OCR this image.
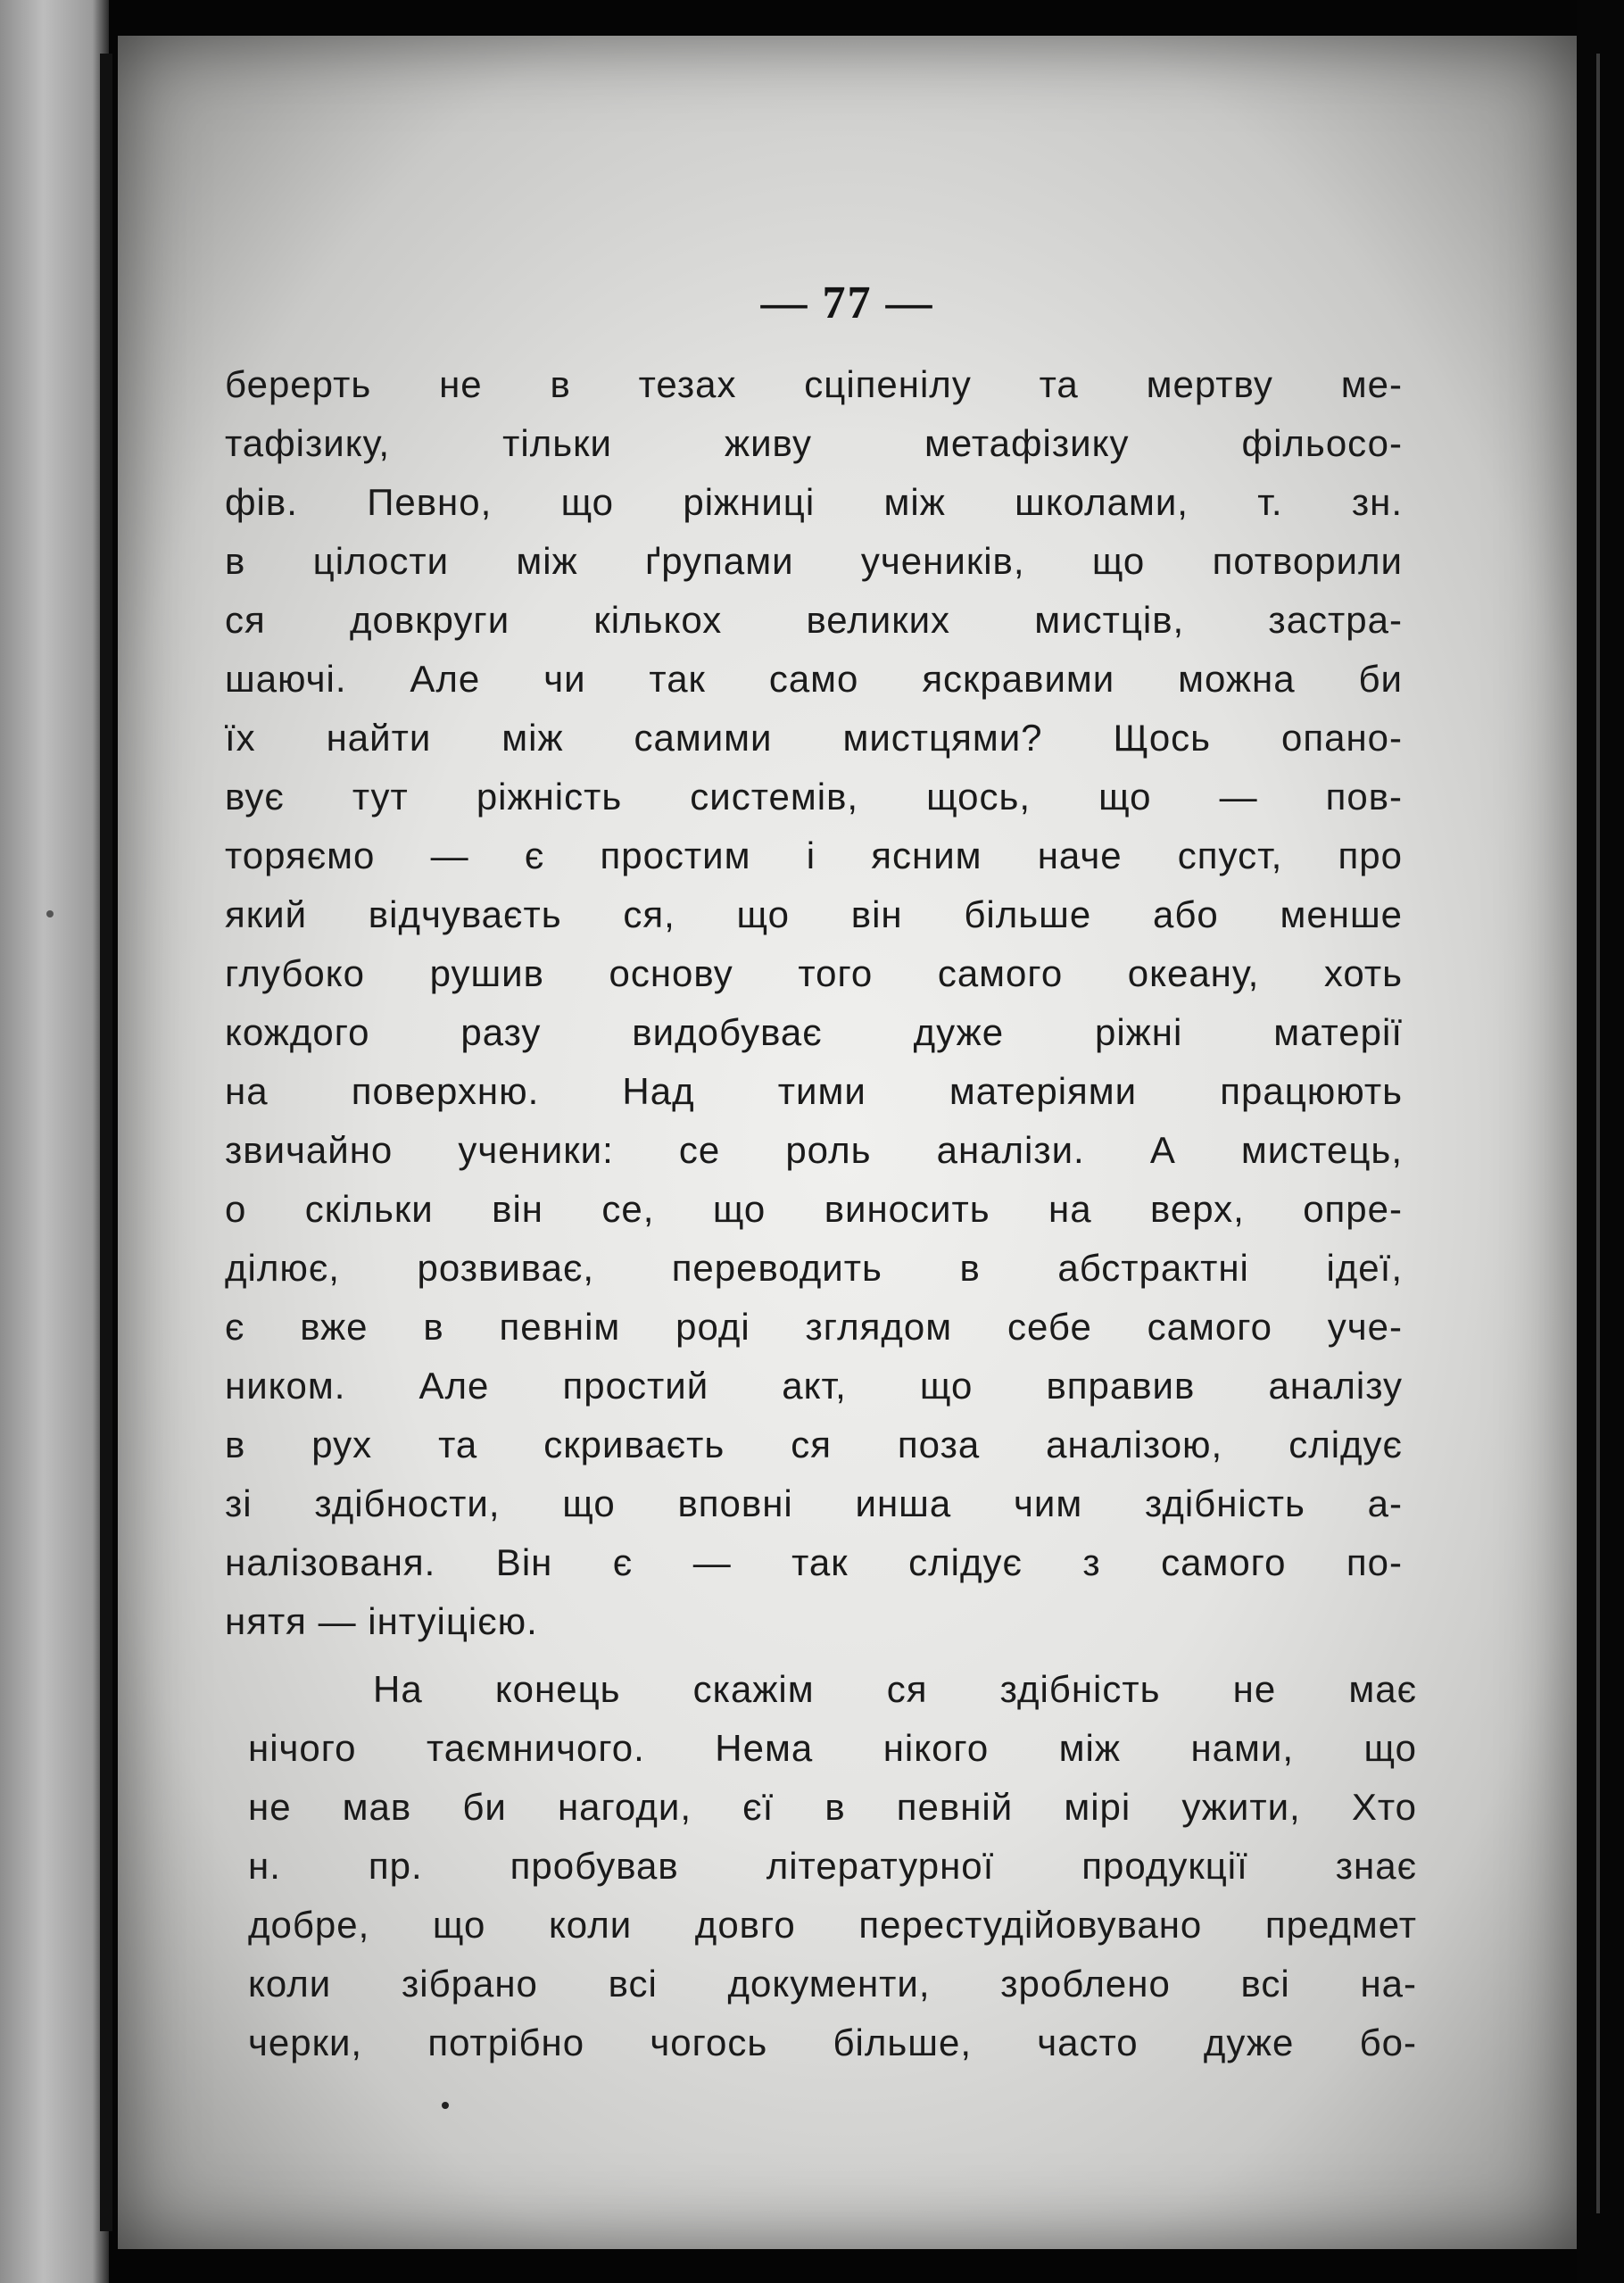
— 77 —
берерть не в тезах сціпенілу та мертву ме-
тафізику, тільки живу метафізику фільосо-
фів. Певно, що ріжниці між школами, т. зн.
в цілости між ґрупами учеників, що потворили
ся довкруги кількох великих мистців, застра-
шаючі. Але чи так само яскравими можна би
їх найти між самими мистцями? Щось опано-
вує тут ріжність системів, щось, що — пов-
торяємо — є простим і ясним наче спуст, про
який відчуваєть ся, що він більше або менше
глубоко рушив основу того самого океану, хоть
кождого разу видобуває дуже ріжні матерії
на поверхню. Над тими матеріями працюють
звичайно ученики: се роль аналізи. А мистець,
о скільки він се, що виносить на верх, опре-
ділює, розвиває, переводить в абстрактні ідеї,
є вже в певнім роді зглядом себе самого уче-
ником. Але простий акт, що вправив аналізу
в рух та скриваєть ся поза аналізою, слідує
зі здібности, що вповні инша чим здібність а-
налізованя. Він є — так слідує з самого по-
нятя — інтуіцією.
На конець скажім ся здібність не має
нічого таємничого. Нема нікого між нами, що
не мав би нагоди, єї в певній мірі ужити, Хто
н. пр. пробував літературної продукції знає
добре, що коли довго перестудійовувано предмет
коли зібрано всі документи, зроблено всі на-
черки, потрібно чогось більше, часто дуже бо-
